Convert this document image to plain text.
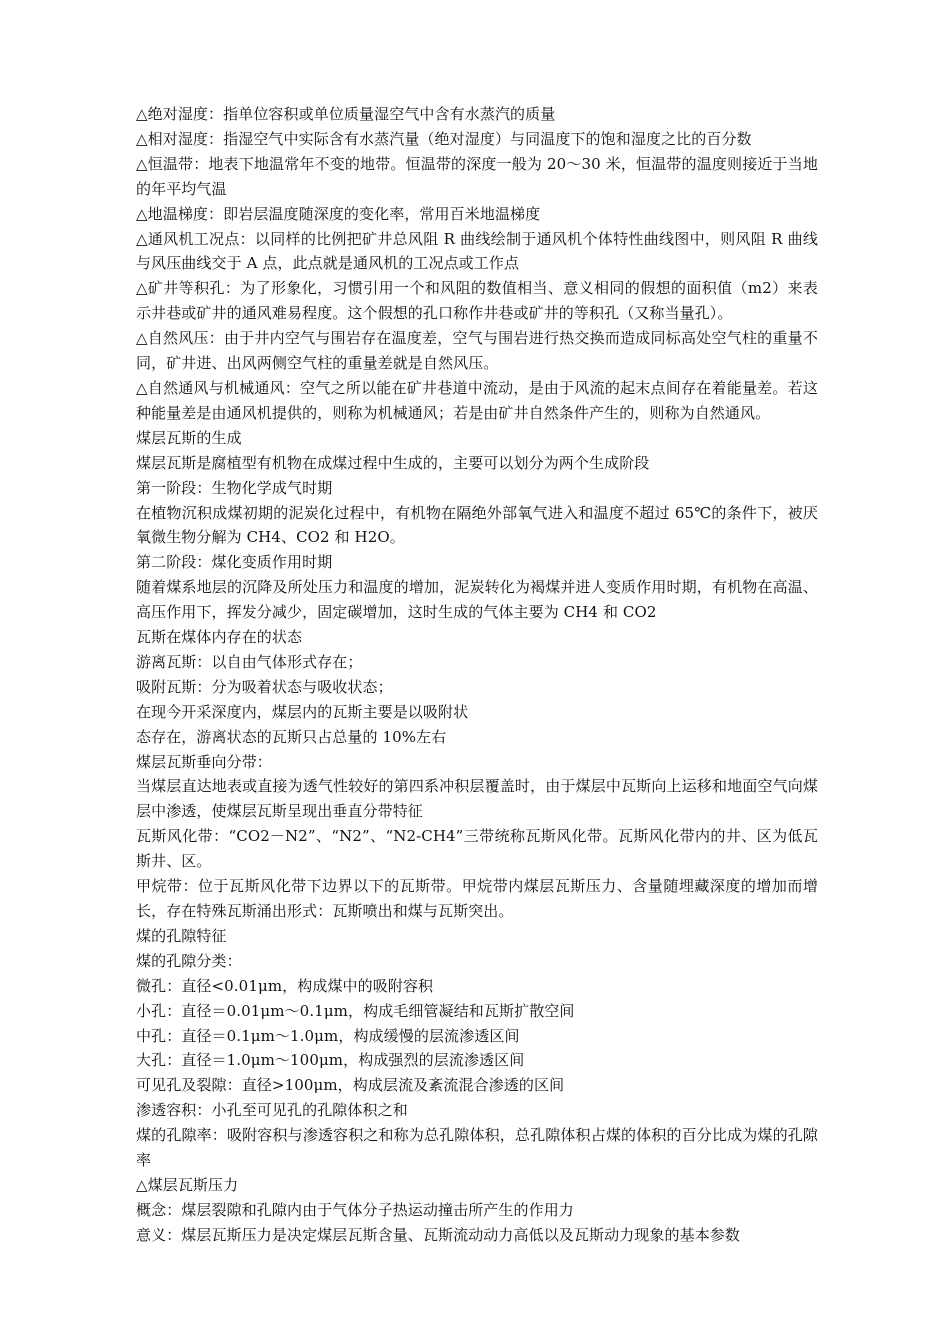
△绝对湿度：指单位容积或单位质量湿空气中含有水蒸汽的质量

△相对湿度：指湿空气中实际含有水蒸汽量（绝对湿度）与同温度下的饱和湿度之比的百分数

△恒温带：地表下地温常年不变的地带。恒温带的深度一般为 20～30 米，恒温带的温度则接近于当地的年平均气温

△地温梯度：即岩层温度随深度的变化率，常用百米地温梯度

△通风机工况点：以同样的比例把矿井总风阻 R 曲线绘制于通风机个体特性曲线图中，则风阻 R 曲线与风压曲线交于 A 点，此点就是通风机的工况点或工作点

△矿井等积孔：为了形象化，习惯引用一个和风阻的数值相当、意义相同的假想的面积值（m2）来表示井巷或矿井的通风难易程度。这个假想的孔口称作井巷或矿井的等积孔（又称当量孔）。

△自然风压：由于井内空气与围岩存在温度差，空气与围岩进行热交换而造成同标高处空气柱的重量不同，矿井进、出风两侧空气柱的重量差就是自然风压。

△自然通风与机械通风：空气之所以能在矿井巷道中流动，是由于风流的起末点间存在着能量差。若这种能量差是由通风机提供的，则称为机械通风；若是由矿井自然条件产生的，则称为自然通风。

煤层瓦斯的生成

煤层瓦斯是腐植型有机物在成煤过程中生成的，主要可以划分为两个生成阶段

第一阶段：生物化学成气时期

在植物沉积成煤初期的泥炭化过程中，有机物在隔绝外部氧气进入和温度不超过 65℃的条件下，被厌氧微生物分解为 CH4、CO2 和 H2O。

第二阶段：煤化变质作用时期

随着煤系地层的沉降及所处压力和温度的增加，泥炭转化为褐煤并进人变质作用时期，有机物在高温、高压作用下，挥发分减少，固定碳增加，这时生成的气体主要为 CH4 和 CO2

瓦斯在煤体内存在的状态

游离瓦斯：以自由气体形式存在；

吸附瓦斯：分为吸着状态与吸收状态；

在现今开采深度内，煤层内的瓦斯主要是以吸附状

态存在，游离状态的瓦斯只占总量的 10%左右

煤层瓦斯垂向分带：

当煤层直达地表或直接为透气性较好的第四系冲积层覆盖时，由于煤层中瓦斯向上运移和地面空气向煤层中渗透，使煤层瓦斯呈现出垂直分带特征

瓦斯风化带：“CO2－N2”、“N2”、“N2-CH4”三带统称瓦斯风化带。瓦斯风化带内的井、区为低瓦斯井、区。

甲烷带：位于瓦斯风化带下边界以下的瓦斯带。甲烷带内煤层瓦斯压力、含量随埋藏深度的增加而增长，存在特殊瓦斯涌出形式：瓦斯喷出和煤与瓦斯突出。

煤的孔隙特征

煤的孔隙分类：

微孔：直径<0.01μm，构成煤中的吸附容积

小孔：直径＝0.01μm～0.1μm，构成毛细管凝结和瓦斯扩散空间

中孔：直径＝0.1μm～1.0μm，构成缓慢的层流渗透区间

大孔：直径＝1.0μm～100μm，构成强烈的层流渗透区间

可见孔及裂隙：直径>100μm，构成层流及紊流混合渗透的区间

渗透容积：小孔至可见孔的孔隙体积之和

煤的孔隙率：吸附容积与渗透容积之和称为总孔隙体积，总孔隙体积占煤的体积的百分比成为煤的孔隙率

△煤层瓦斯压力

概念：煤层裂隙和孔隙内由于气体分子热运动撞击所产生的作用力

意义：煤层瓦斯压力是决定煤层瓦斯含量、瓦斯流动动力高低以及瓦斯动力现象的基本参数
